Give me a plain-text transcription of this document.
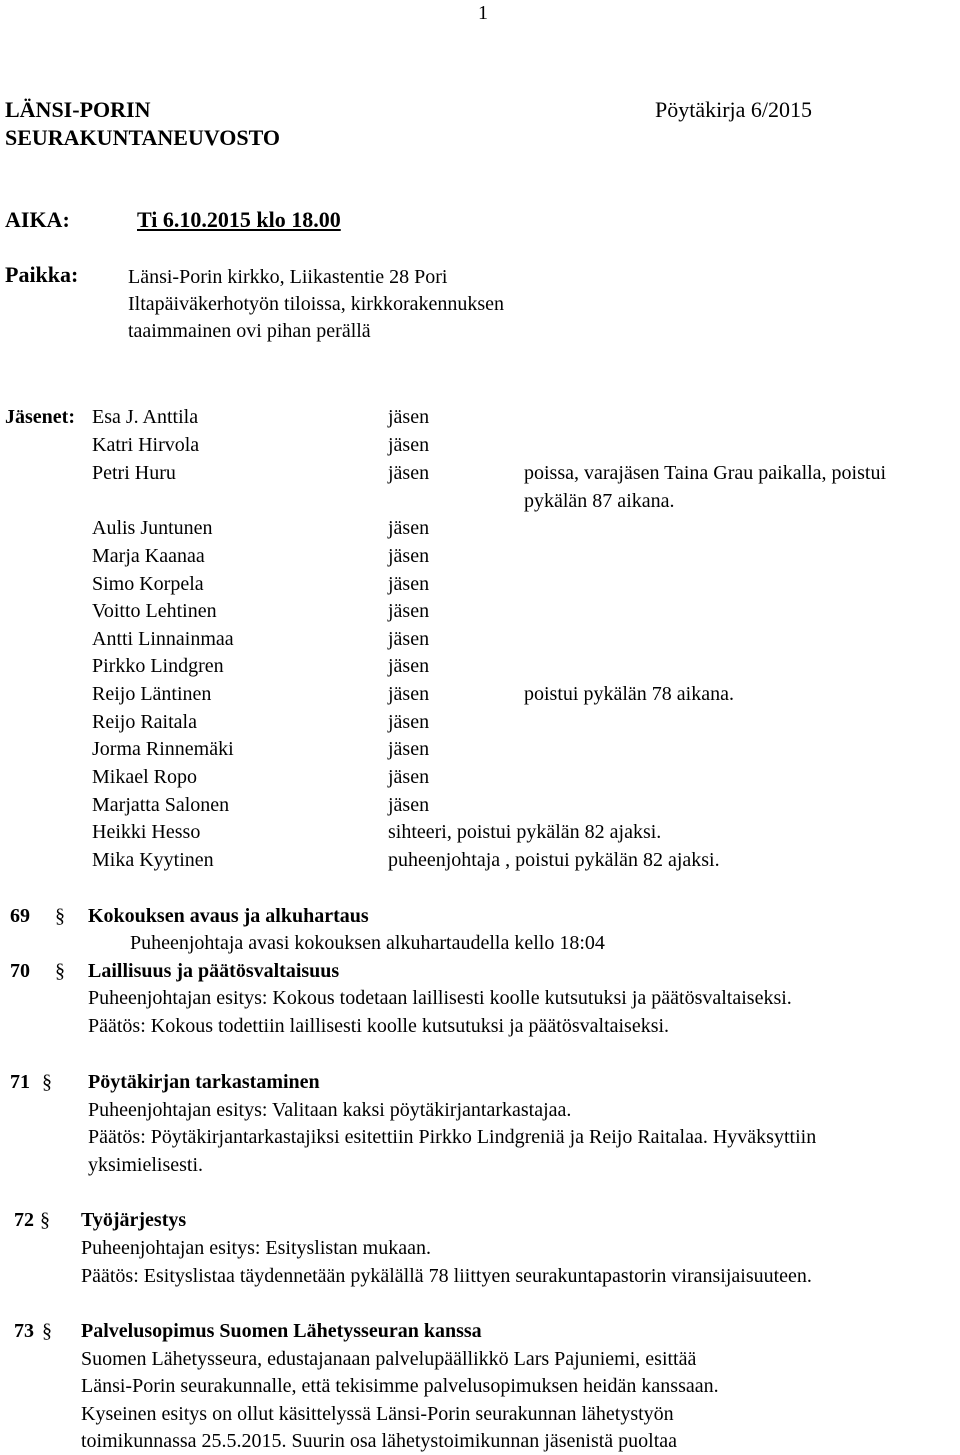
1
LÄNSI-PORIN
SEURAKUNTANEUVOSTO
Pöytäkirja 6/2015
AIKA:	Ti 6.10.2015 klo 18.00
Paikka: Länsi-Porin kirkko, Liikastentie 28 Pori
Iltapäiväkerhotyön tiloissa, kirkkorakennuksen
taaimmainen ovi pihan perällä
Jäsenet: Esa J. Anttila	jäsen
Katri Hirvola	jäsen
Petri Huru	jäsen	poissa, varajäsen Taina Grau paikalla, poistui
pykälän 87 aikana.
Aulis Juntunen	jäsen
Marja Kaanaa	jäsen
Simo Korpela	jäsen
Voitto Lehtinen	jäsen
Antti Linnainmaa	jäsen
Pirkko Lindgren	jäsen
Reijo Läntinen	jäsen	poistui pykälän 78 aikana.
Reijo Raitala	jäsen
Jorma Rinnemäki	jäsen
Mikael Ropo	jäsen
Marjatta Salonen	jäsen
Heikki Hesso	sihteeri, poistui pykälän 82 ajaksi.
Mika Kyytinen	puheenjohtaja , poistui pykälän 82 ajaksi.
69 § Kokouksen avaus ja alkuhartaus
Puheenjohtaja avasi kokouksen alkuhartaudella kello 18:04
70 § Laillisuus ja päätösvaltaisuus
Puheenjohtajan esitys: Kokous todetaan laillisesti koolle kutsutuksi ja päätösvaltaiseksi.
Päätös: Kokous todettiin laillisesti koolle kutsutuksi ja päätösvaltaiseksi.
71 § Pöytäkirjan tarkastaminen
Puheenjohtajan esitys: Valitaan kaksi pöytäkirjantarkastajaa.
Päätös: Pöytäkirjantarkastajiksi esitettiin Pirkko Lindgreniä ja Reijo Raitalaa. Hyväksyttiin
yksimielisesti.
72 § Työjärjestys
Puheenjohtajan esitys: Esityslistan mukaan.
Päätös: Esityslistaa täydennetään pykälällä 78 liittyen seurakuntapastorin viransijaisuuteen.
73 § Palvelusopimus Suomen Lähetysseuran kanssa
Suomen Lähetysseura, edustajanaan palvelupäällikkö Lars Pajuniemi, esittää
Länsi-Porin seurakunnalle, että tekisimme palvelusopimuksen heidän kanssaan.
Kyseinen esitys on ollut käsittelyssä Länsi-Porin seurakunnan lähetystyön
toimikunnassa 25.5.2015. Suurin osa lähetystoimikunnan jäsenistä puoltaa
